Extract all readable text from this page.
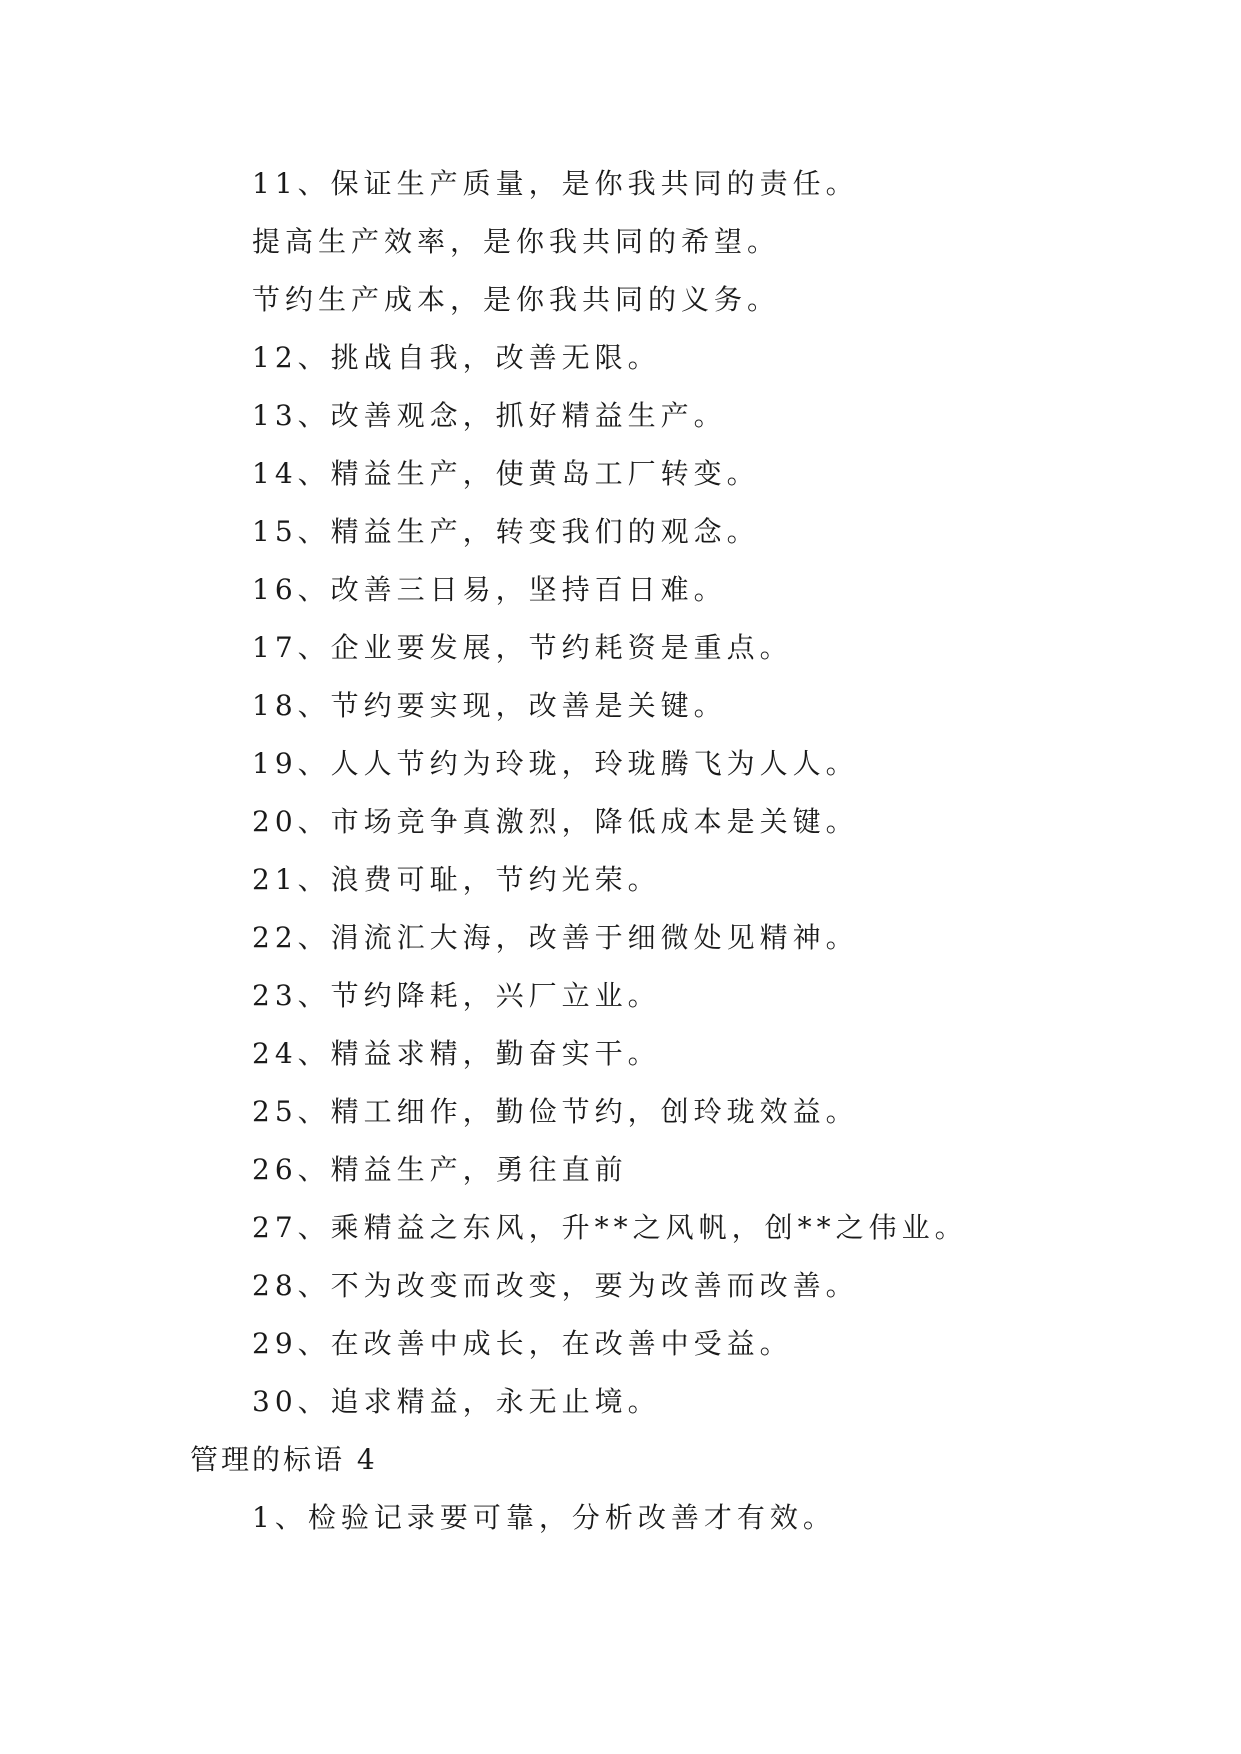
11、保证生产质量，是你我共同的责任。
提高生产效率，是你我共同的希望。
节约生产成本，是你我共同的义务。
12、挑战自我，改善无限。
13、改善观念，抓好精益生产。
14、精益生产，使黄岛工厂转变。
15、精益生产，转变我们的观念。
16、改善三日易，坚持百日难。
17、企业要发展，节约耗资是重点。
18、节约要实现，改善是关键。
19、人人节约为玲珑，玲珑腾飞为人人。
20、市场竞争真激烈，降低成本是关键。
21、浪费可耻，节约光荣。
22、涓流汇大海，改善于细微处见精神。
23、节约降耗，兴厂立业。
24、精益求精，勤奋实干。
25、精工细作，勤俭节约，创玲珑效益。
26、精益生产，勇往直前
27、乘精益之东风，升**之风帆，创**之伟业。
28、不为改变而改变，要为改善而改善。
29、在改善中成长，在改善中受益。
30、追求精益，永无止境。
管理的标语 4
1、检验记录要可靠，分析改善才有效。
